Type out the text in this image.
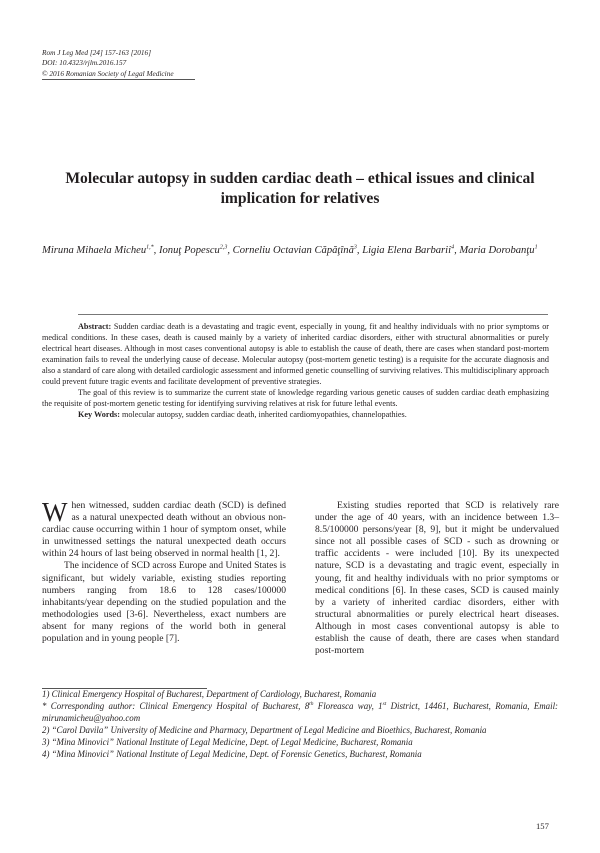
Rom J Leg Med [24] 157-163 [2016]
DOI: 10.4323/rjlm.2016.157
© 2016 Romanian Society of Legal Medicine
Molecular autopsy in sudden cardiac death – ethical issues and clinical implication for relatives
Miruna Mihaela Micheu$^{1,*}$, Ionuţ Popescu$^{2,3}$, Corneliu Octavian Căpăţînă$^3$, Ligia Elena Barbarii$^4$, Maria Dorobanţu$^1$

Abstract: Sudden cardiac death is a devastating and tragic event, especially in young, fit and healthy individuals with no prior symptoms or medical conditions. In these cases, death is caused mainly by a variety of inherited cardiac disorders, either with structural abnormalities or purely electrical heart diseases. Although in most cases conventional autopsy is able to establish the cause of death, there are cases when standard post-mortem examination fails to reveal the underlying cause of decease. Molecular autopsy (post-mortem genetic testing) is a requisite for the accurate diagnosis and also a standard of care along with detailed cardiologic assessment and informed genetic counselling of surviving relatives. This multidisciplinary approach could prevent future tragic events and facilitate development of preventive strategies.

The goal of this review is to summarize the current state of knowledge regarding various genetic causes of sudden cardiac death emphasizing the requisite of post-mortem genetic testing for identifying surviving relatives at risk for future lethal events.

Key Words: molecular autopsy, sudden cardiac death, inherited cardiomyopathies, channelopathies.

When witnessed, sudden cardiac death (SCD) is defined as a natural unexpected death without an obvious non-cardiac cause occurring within 1 hour of symptom onset, while in unwitnessed settings the natural unexpected death occurs within 24 hours of last being observed in normal health [1, 2].

The incidence of SCD across Europe and United States is significant, but widely variable, existing studies reporting numbers ranging from 18.6 to 128 cases/100000 inhabitants/year depending on the studied population and the methodologies used [3-6]. Nevertheless, exact numbers are absent for many regions of the world both in general population and in young people [7].

Existing studies reported that SCD is relatively rare under the age of 40 years, with an incidence between 1.3–8.5/100000 persons/year [8, 9], but it might be undervalued since not all possible cases of SCD - such as drowning or traffic accidents - were included [10]. By its unexpected nature, SCD is a devastating and tragic event, especially in young, fit and healthy individuals with no prior symptoms or medical conditions [6]. In these cases, SCD is caused mainly by a variety of inherited cardiac disorders, either with structural abnormalities or purely electrical heart diseases. Although in most cases conventional autopsy is able to establish the cause of death, there are cases when standard post-mortem

1) Clinical Emergency Hospital of Bucharest, Department of Cardiology, Bucharest, Romania

* Corresponding author: Clinical Emergency Hospital of Bucharest, 8th Floreasca way, 1st District, 14461, Bucharest, Romania, Email: mirunamicheu@yahoo.com

2) “Carol Davila” University of Medicine and Pharmacy, Department of Legal Medicine and Bioethics, Bucharest, Romania

3) “Mina Minovici” National Institute of Legal Medicine, Dept. of Legal Medicine, Bucharest, Romania

4) “Mina Minovici” National Institute of Legal Medicine, Dept. of Forensic Genetics, Bucharest, Romania

157
